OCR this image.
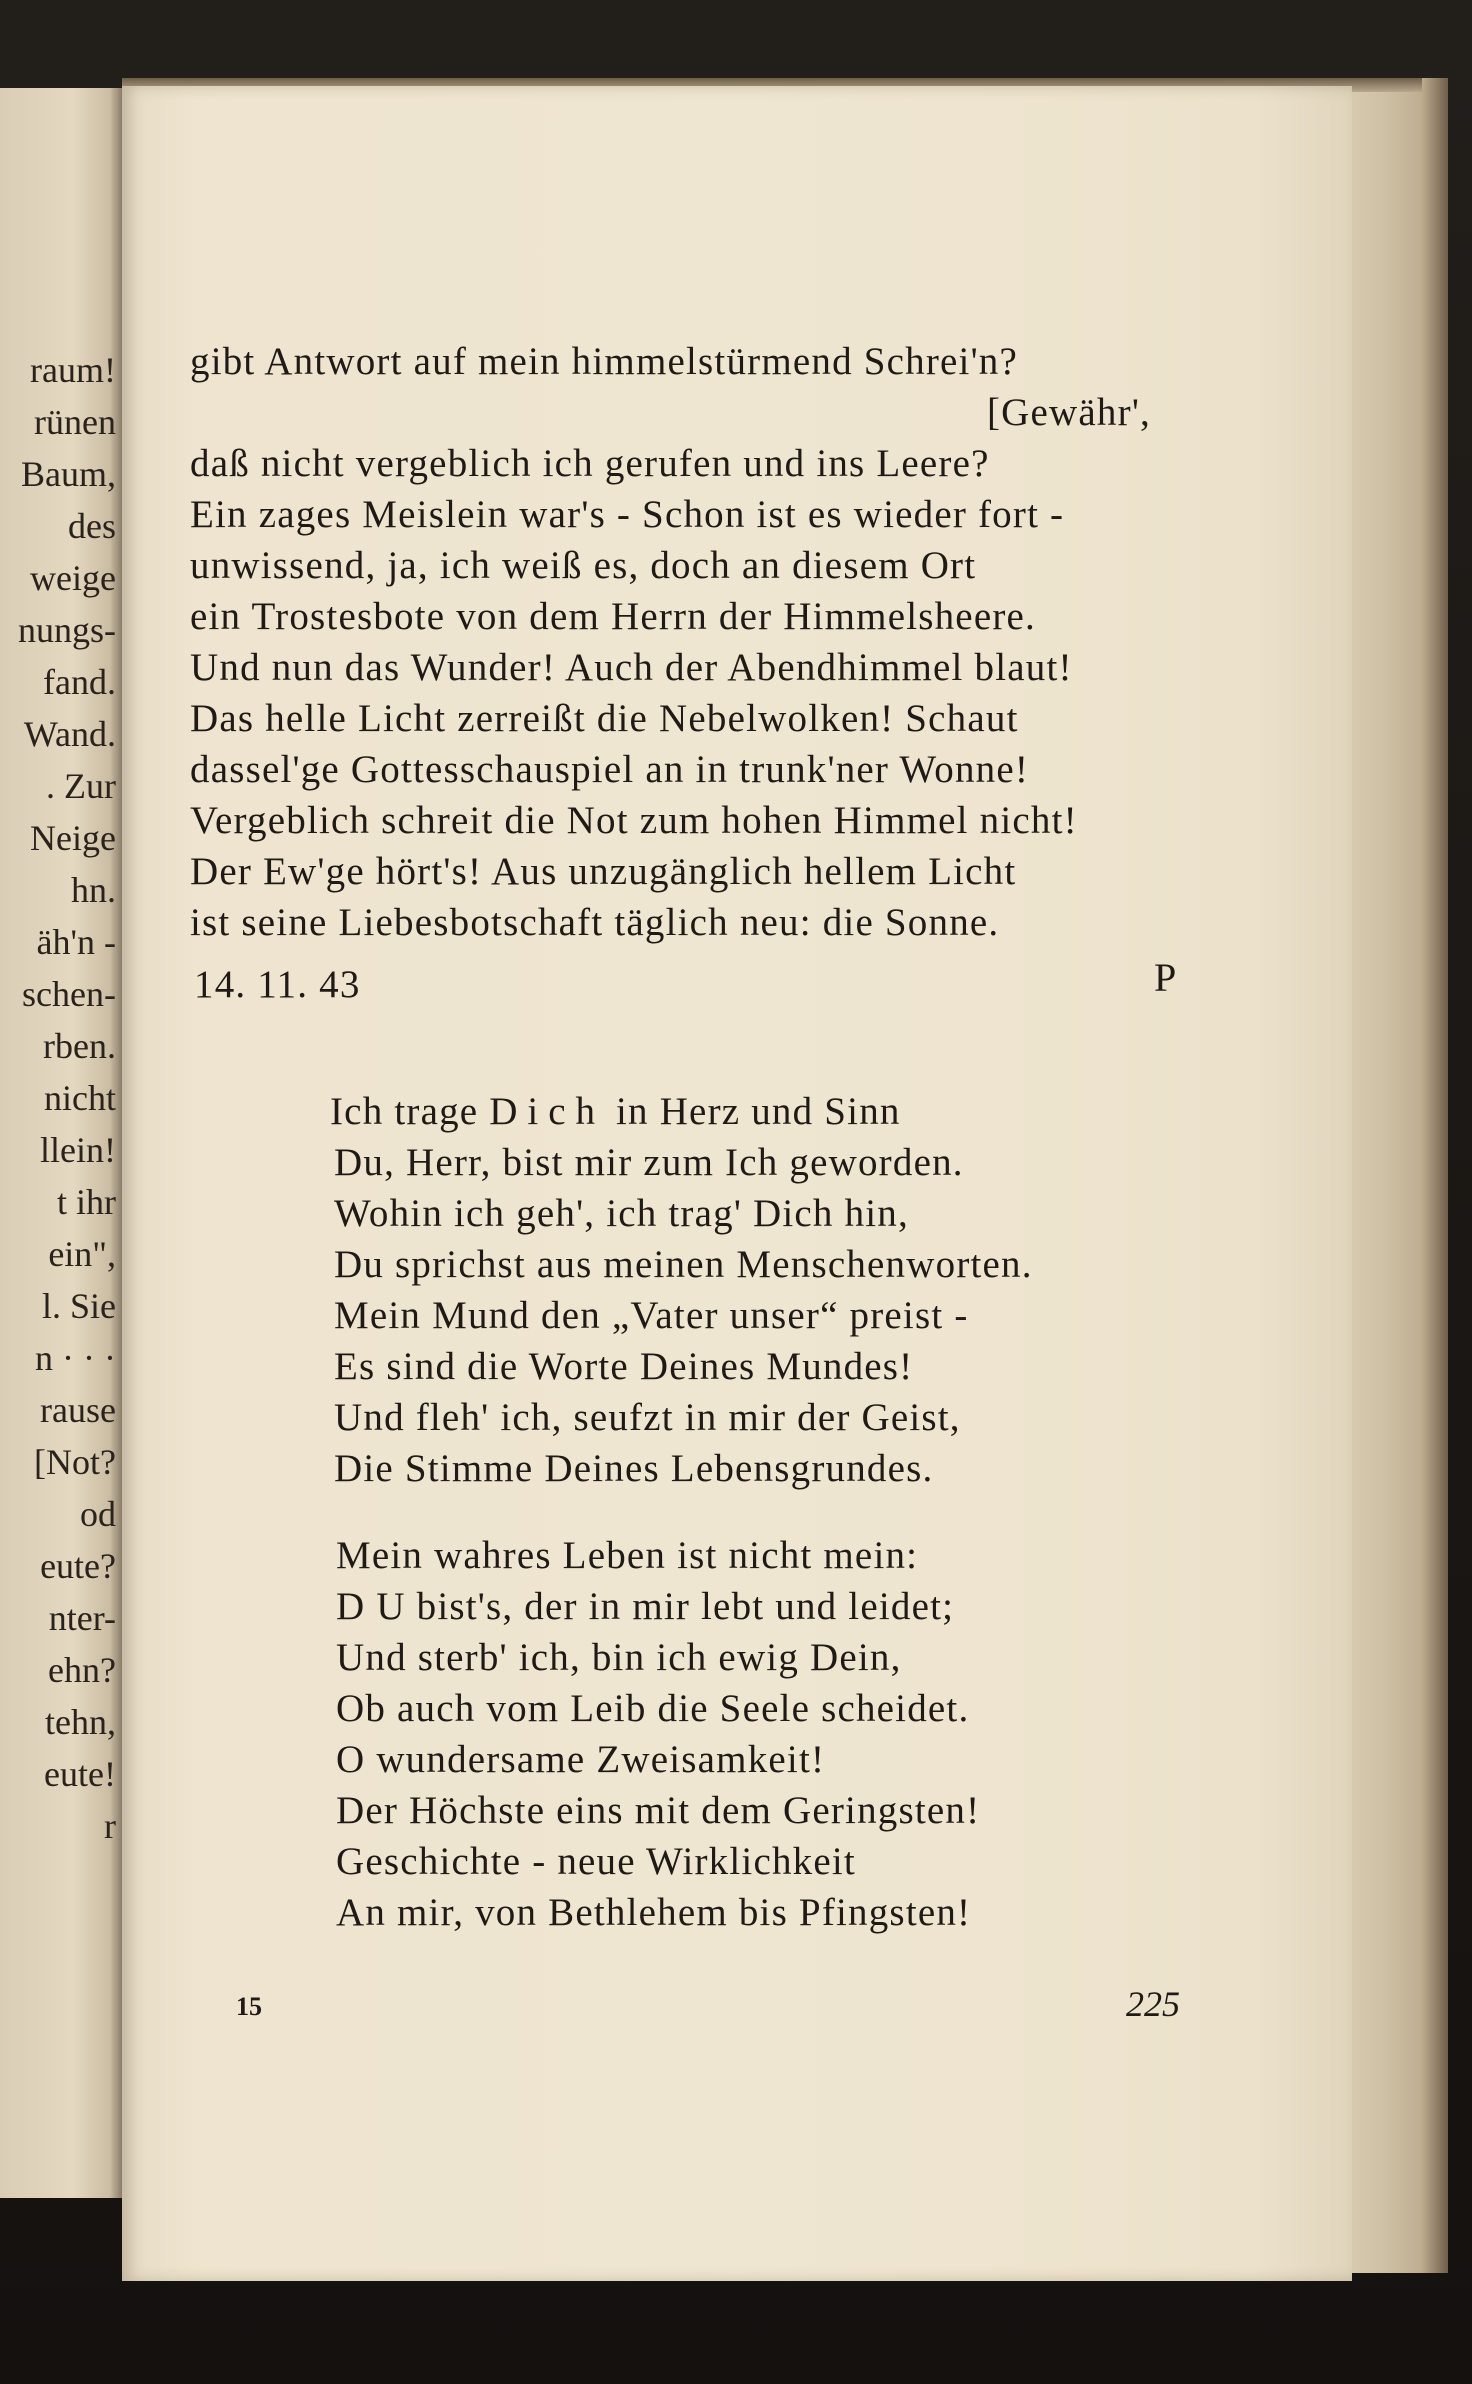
raum!
rünen
Baum,
des
weige
nungs-
fand.
Wand.
. Zur
Neige
hn.
äh'n -
schen-
rben.
nicht
llein!
t ihr
ein",
l. Sie
n · · ·
rause
[Not?
od
eute?
nter-
ehn?
tehn,
eute!
r
gibt Antwort auf mein himmelstürmend Schrei'n?
[Gewähr',
daß nicht vergeblich ich gerufen und ins Leere?
Ein zages Meislein war's - Schon ist es wieder fort -
unwissend, ja, ich weiß es, doch an diesem Ort
ein Trostesbote von dem Herrn der Himmelsheere.
Und nun das Wunder! Auch der Abendhimmel blaut!
Das helle Licht zerreißt die Nebelwolken! Schaut
dassel'ge Gottesschauspiel an in trunk'ner Wonne!
Vergeblich schreit die Not zum hohen Himmel nicht!
Der Ew'ge hört's! Aus unzugänglich hellem Licht
ist seine Liebesbotschaft täglich neu: die Sonne.
14. 11. 43	P
Ich trage Dich in Herz und Sinn
Du, Herr, bist mir zum Ich geworden.
Wohin ich geh', ich trag' Dich hin,
Du sprichst aus meinen Menschenworten.
Mein Mund den „Vater unser“ preist -
Es sind die Worte Deines Mundes!
Und fleh' ich, seufzt in mir der Geist,
Die Stimme Deines Lebensgrundes.
Mein wahres Leben ist nicht mein:
D U bist's, der in mir lebt und leidet;
Und sterb' ich, bin ich ewig Dein,
Ob auch vom Leib die Seele scheidet.
O wundersame Zweisamkeit!
Der Höchste eins mit dem Geringsten!
Geschichte - neue Wirklichkeit
An mir, von Bethlehem bis Pfingsten!
15	225
